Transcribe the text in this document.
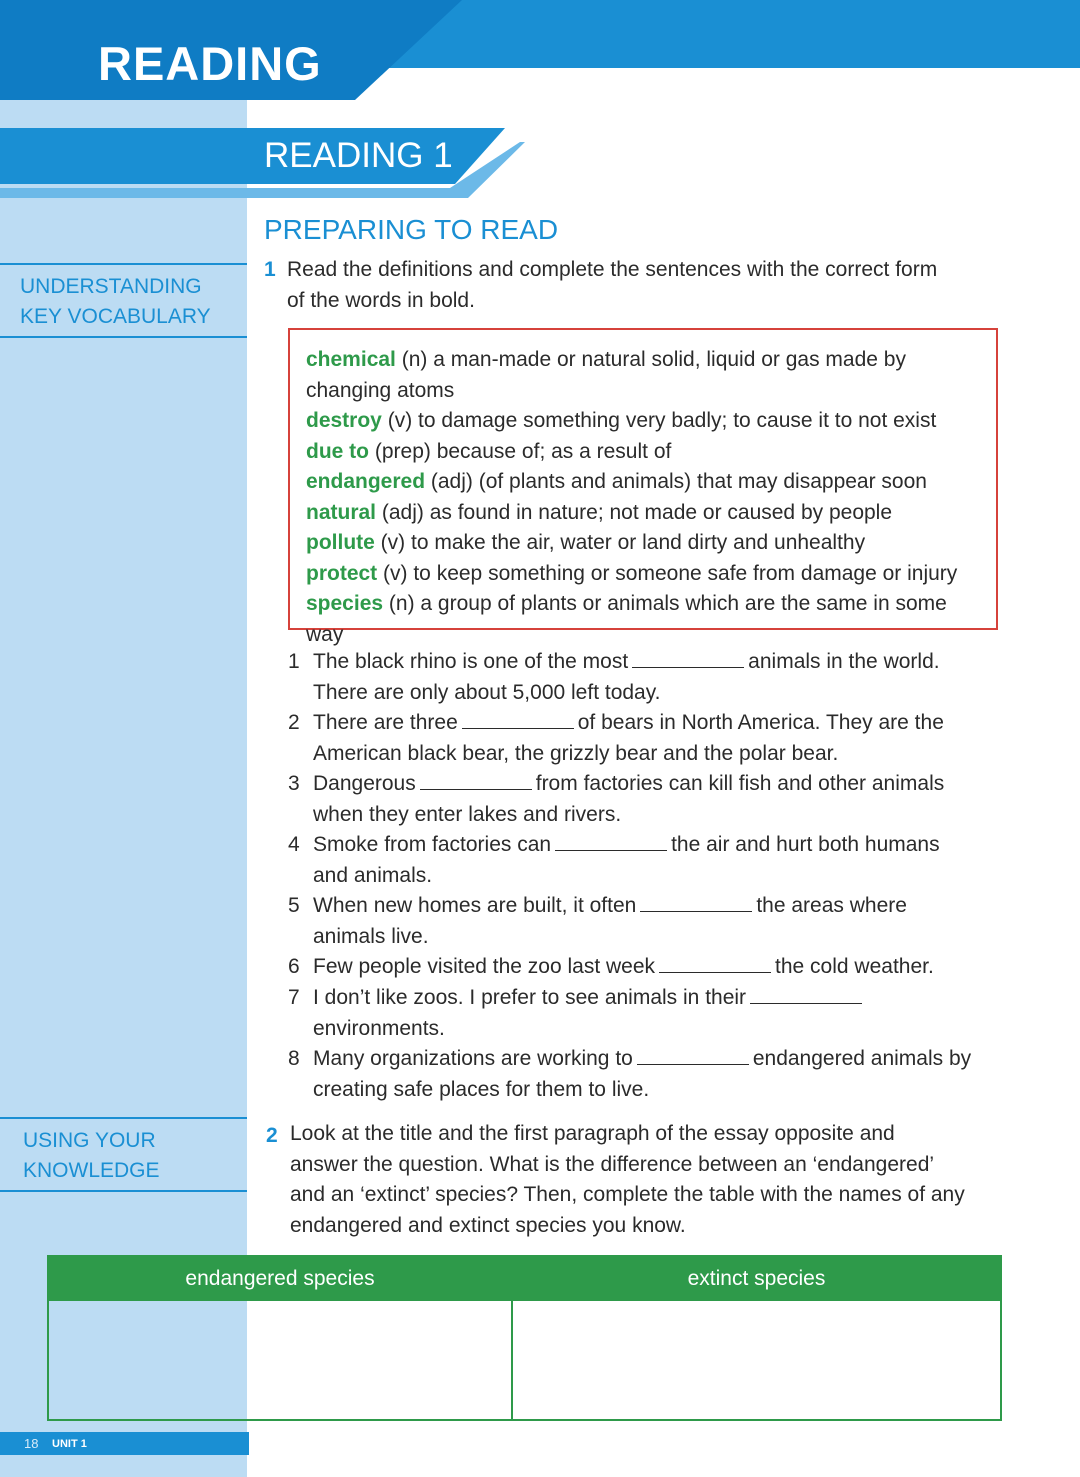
READING
READING 1
PREPARING TO READ
UNDERSTANDING
KEY VOCABULARY
USING YOUR
KNOWLEDGE
1 Read the definitions and complete the sentences with the correct form
of the words in bold.
chemical (n) a man-made or natural solid, liquid or gas made by
changing atoms
destroy (v) to damage something very badly; to cause it to not exist
due to (prep) because of; as a result of
endangered (adj) (of plants and animals) that may disappear soon
natural (adj) as found in nature; not made or caused by people
pollute (v) to make the air, water or land dirty and unhealthy
protect (v) to keep something or someone safe from damage or injury
species (n) a group of plants or animals which are the same in some way
1 The black rhino is one of the most	animals in the world.
There are only about 5,000 left today.
2 There are three	of bears in North America. They are the
American black bear, the grizzly bear and the polar bear.
3 Dangerous	from factories can kill fish and other animals
when they enter lakes and rivers.
4 Smoke from factories can	the air and hurt both humans
and animals.
5 When new homes are built, it often	the areas where
animals live.
6 Few people visited the zoo last week	the cold weather.
7 I don’t like zoos. I prefer to see animals in their
environments.
8 Many organizations are working to	endangered animals by
creating safe places for them to live.
2 Look at the title and the first paragraph of the essay opposite and
answer the question. What is the difference between an ‘endangered’
and an ‘extinct’ species? Then, complete the table with the names of any
endangered and extinct species you know.
endangered species	extinct species
18 UNIT 1
